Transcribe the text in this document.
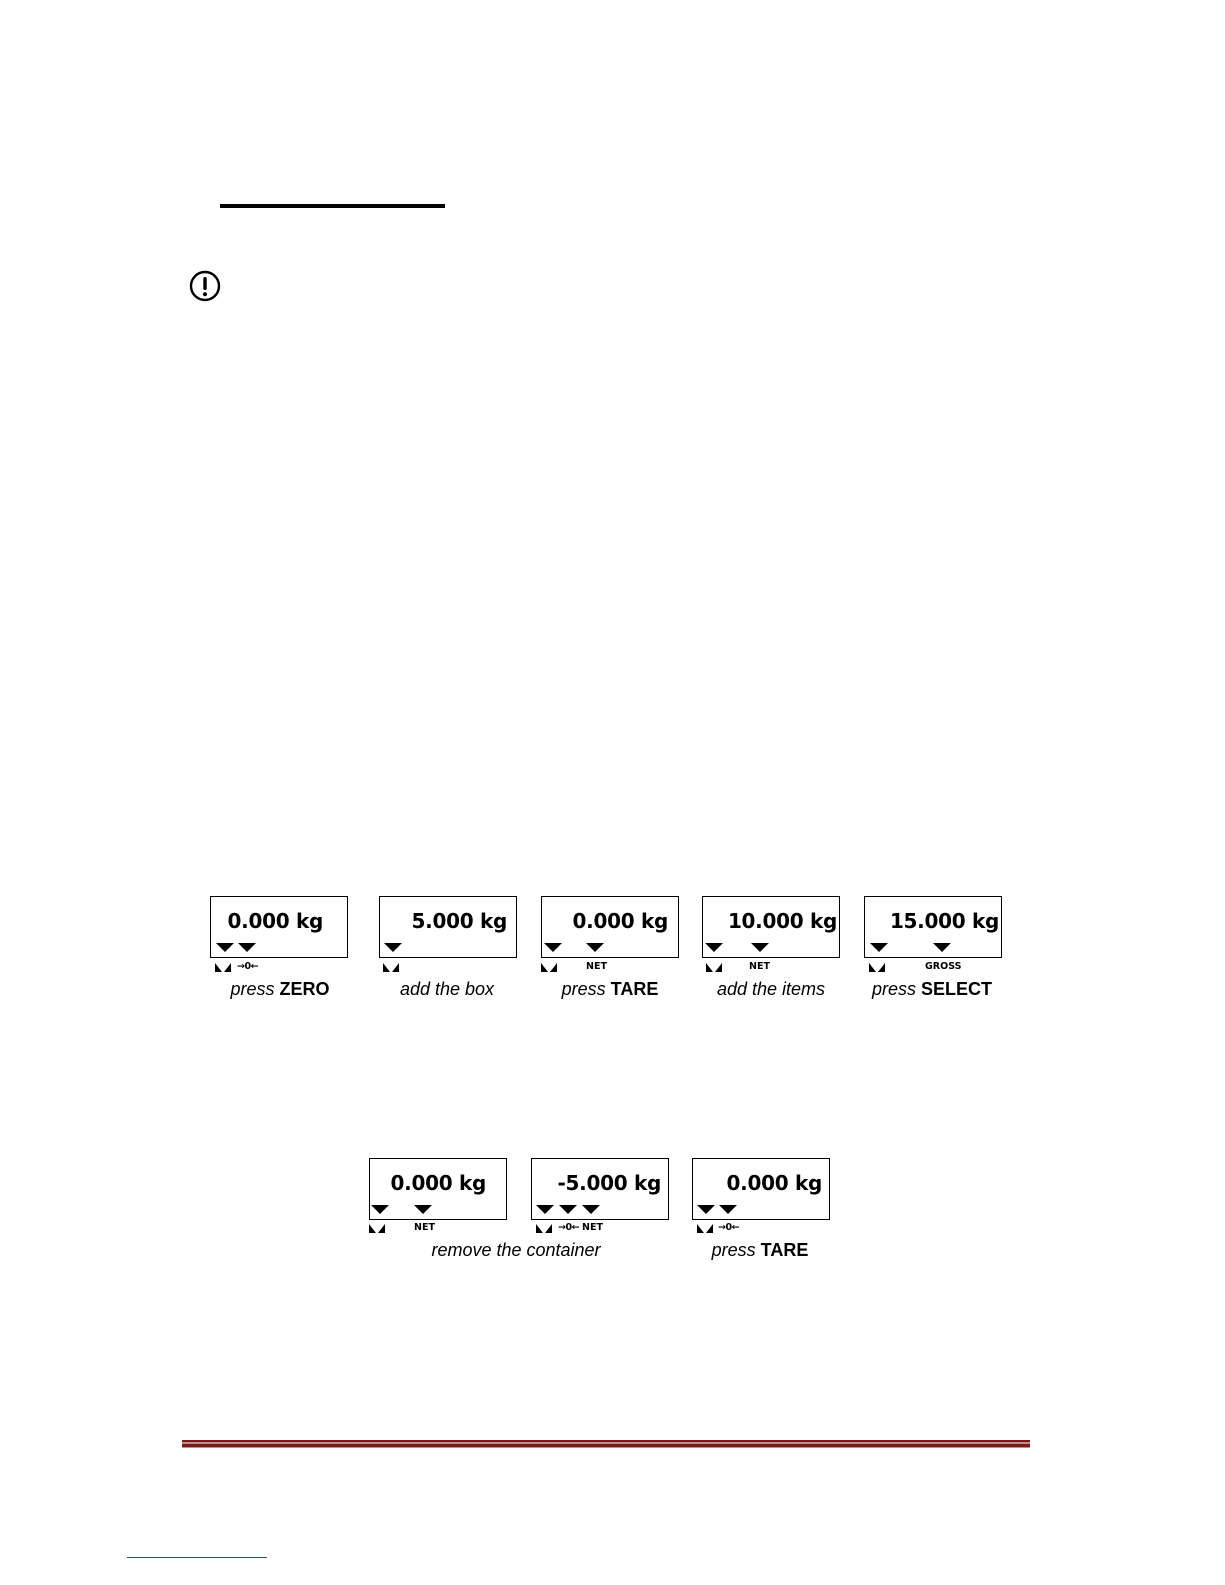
0.000 kg
→0←
press ZERO
5.000 kg
add the box
0.000 kg
NET
press TARE
10.000 kg
NET
add the items
15.000 kg
GROSS
press SELECT
0.000 kg
NET
-5.000 kg
→0← NET
remove the container
0.000 kg
→0←
press TARE
